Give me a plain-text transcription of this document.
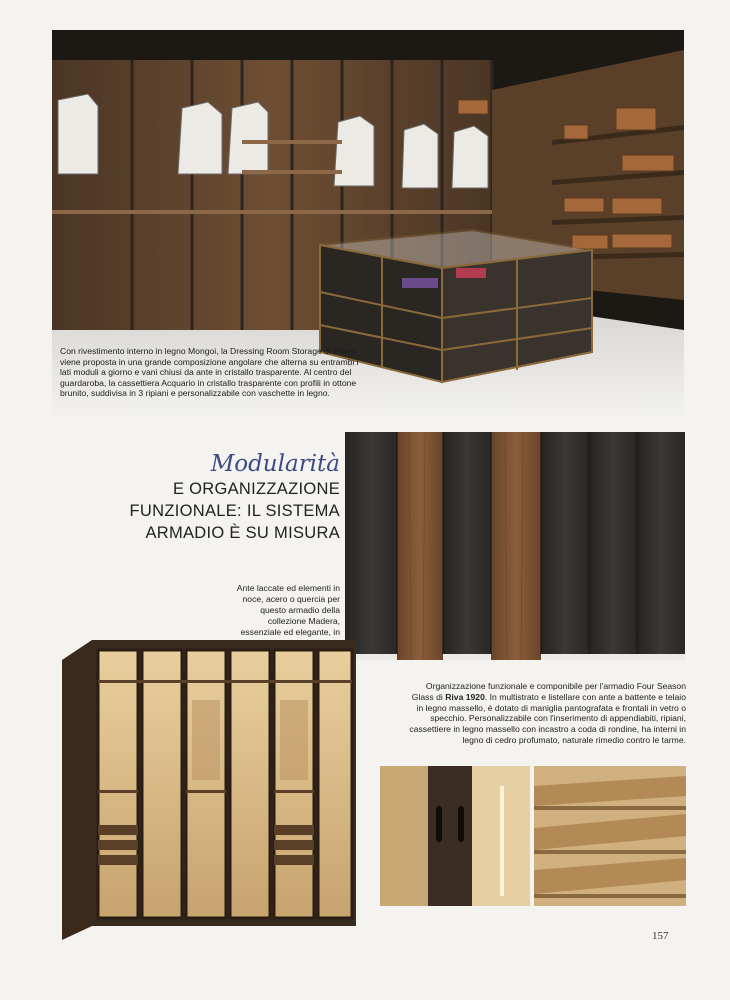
Con rivestimento interno in legno Mongoi, la Dressing Room Storage di Porro viene proposta in una grande composizione angolare che alterna su entrambi i lati moduli a giorno e vani chiusi da ante in cristallo trasparente. Al centro del guardaroba, la cassettiera Acquario in cristallo trasparente con profili in ottone brunito, suddivisa in 3 ripiani e personalizzabile con vaschette in legno.

Modularità
E ORGANIZZAZIONE
FUNZIONALE: IL SISTEMA
ARMADIO È SU MISURA

Ante laccate ed elementi in noce, acero o quercia per questo armadio della collezione Madera, essenziale ed elegante, in

Organizzazione funzionale e componibile per l'armadio Four Season Glass di Riva 1920. In multistrato e listellare con ante a battente e telaio in legno massello, è dotato di maniglia pantografata e frontali in vetro o specchio. Personalizzabile con l'inserimento di appendiabiti, ripiani, cassettiere in legno massello con incastro a coda di rondine, ha interni in legno di cedro profumato, naturale rimedio contro le tarme.

157
